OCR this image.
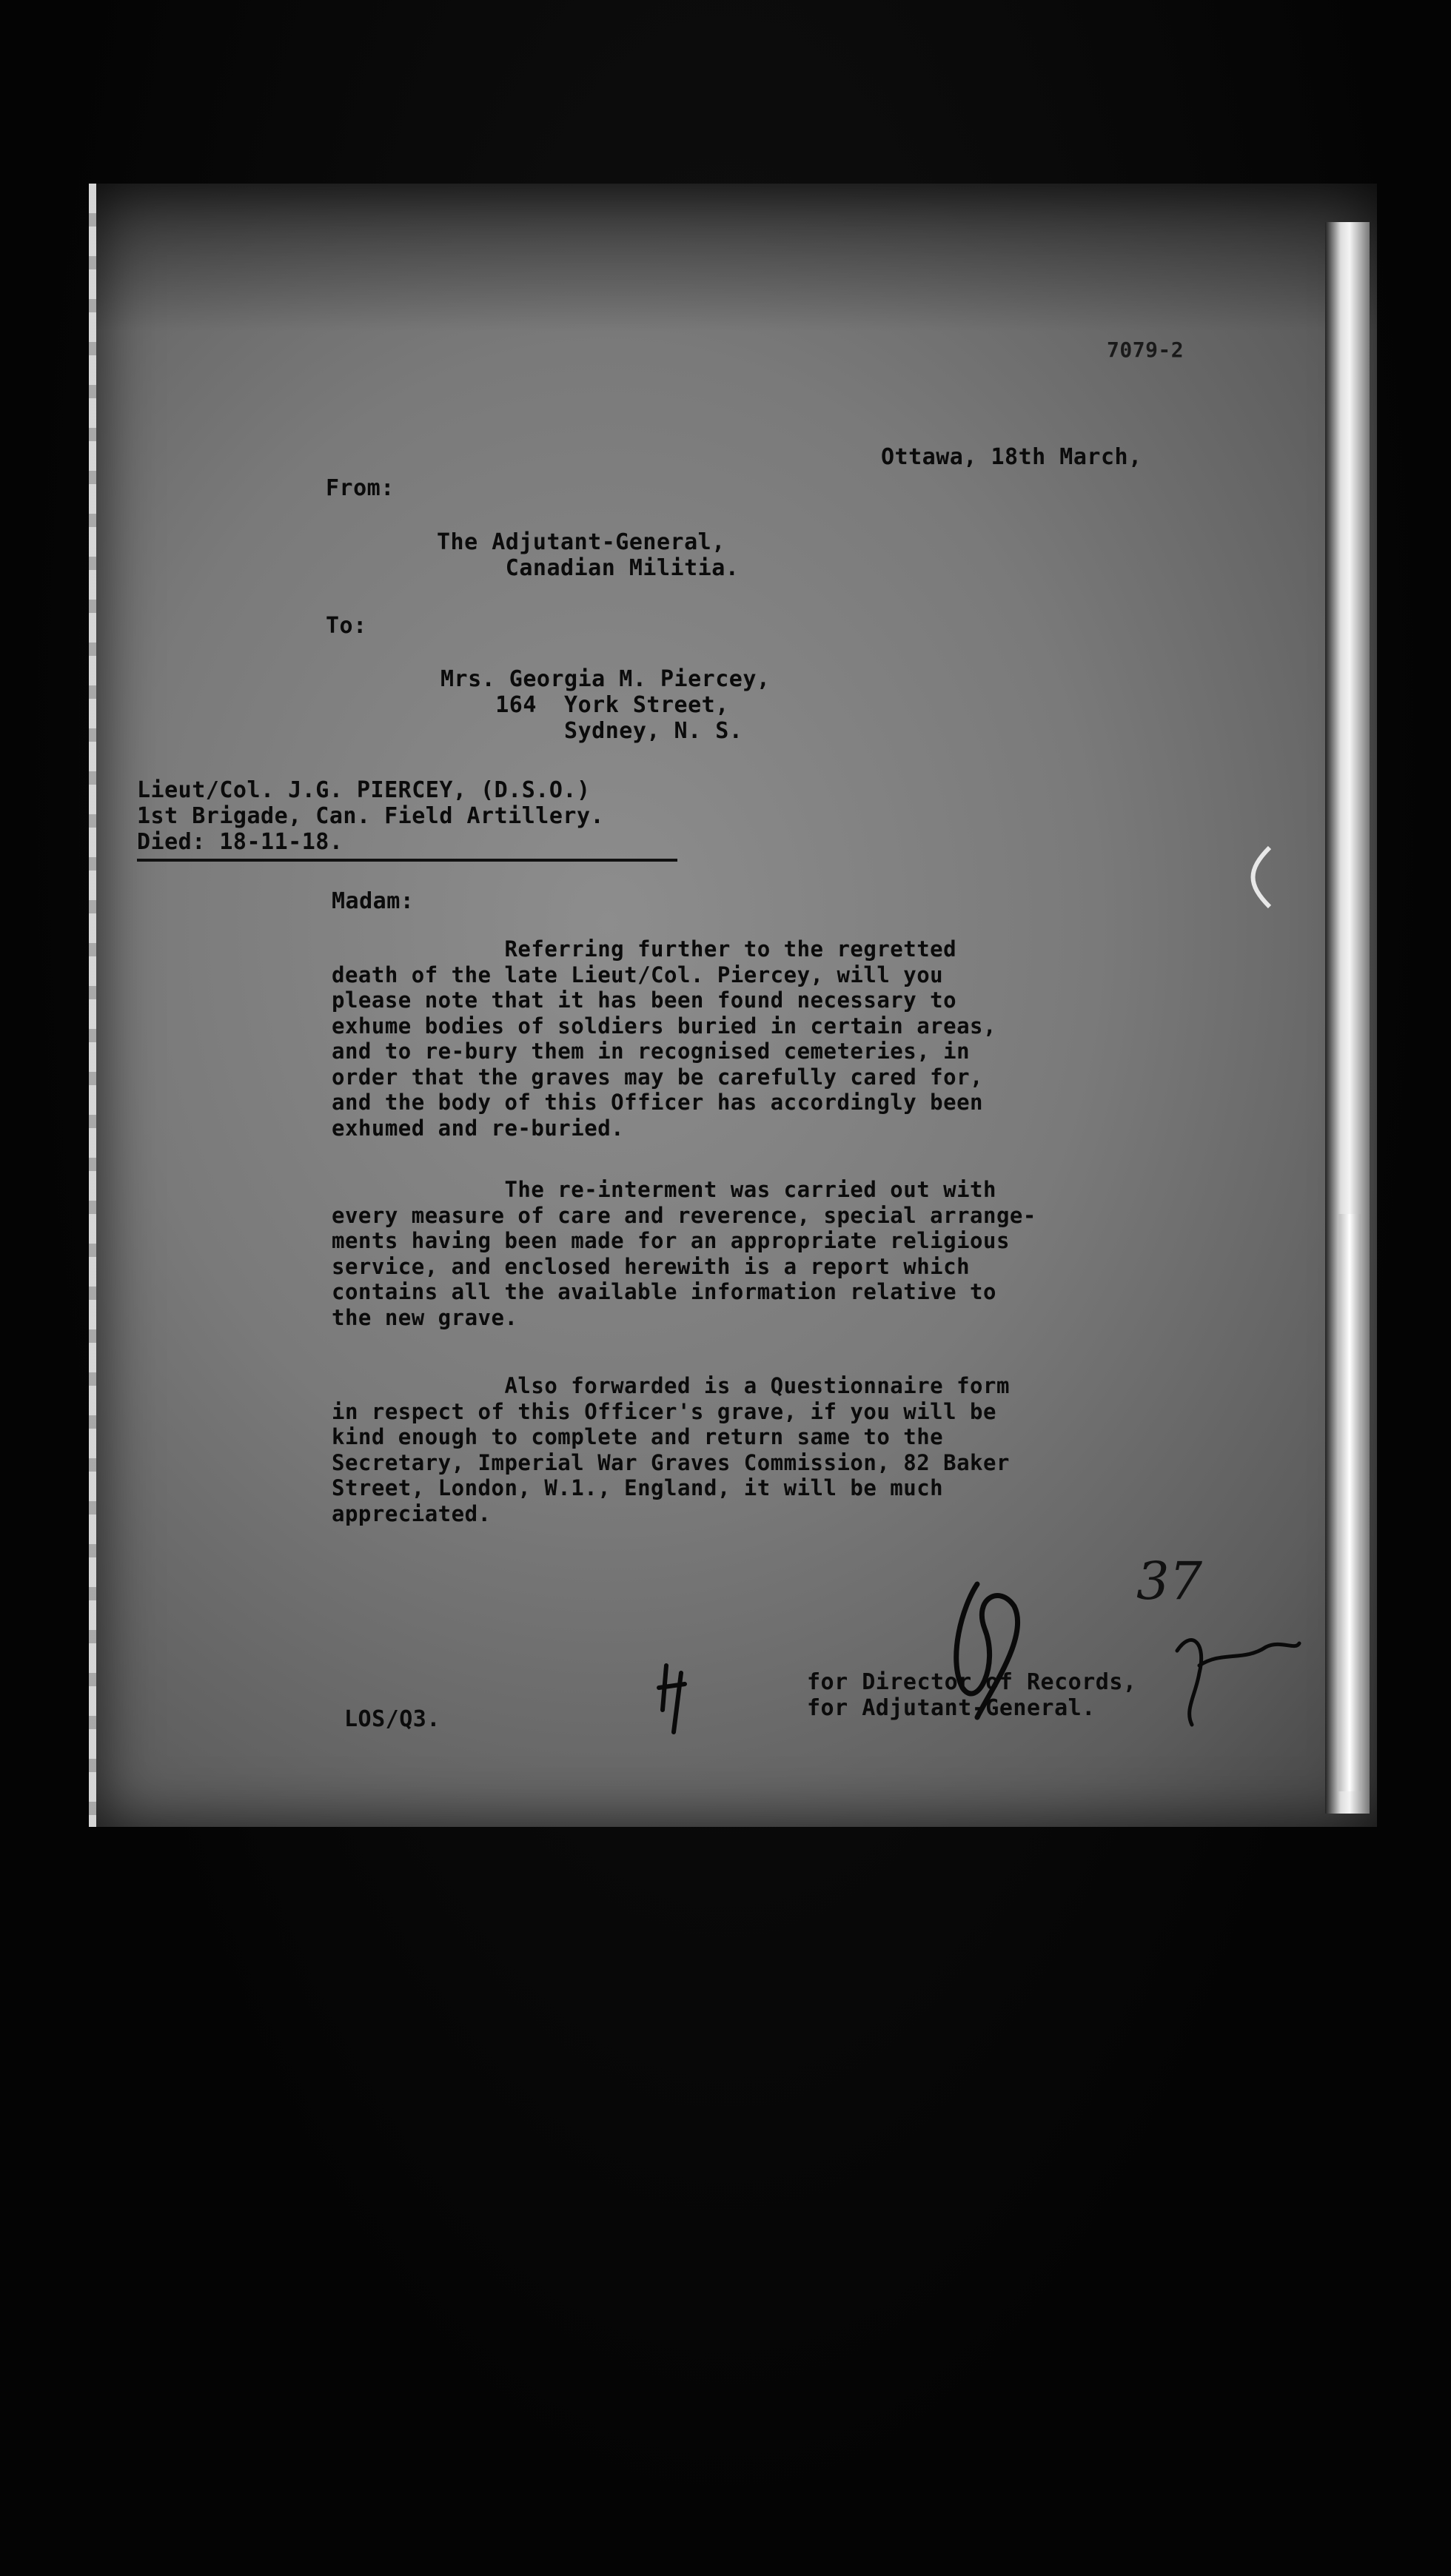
7079-2
Ottawa, 18th March,
From:
The Adjutant-General,
Canadian Militia.
To:
Mrs. Georgia M. Piercey,
164  York Street,
Sydney, N. S.
Lieut/Col. J.G. PIERCEY, (D.S.O.)
1st Brigade, Can. Field Artillery.
Died: 18-11-18.
Madam:
Referring further to the regretted
death of the late Lieut/Col. Piercey, will you
please note that it has been found necessary to
exhume bodies of soldiers buried in certain areas,
and to re-bury them in recognised cemeteries, in
order that the graves may be carefully cared for,
and the body of this Officer has accordingly been
exhumed and re-buried.
The re-interment was carried out with
every measure of care and reverence, special arrange-
ments having been made for an appropriate religious
service, and enclosed herewith is a report which
contains all the available information relative to
the new grave.
Also forwarded is a Questionnaire form
in respect of this Officer's grave, if you will be
kind enough to complete and return same to the
Secretary, Imperial War Graves Commission, 82 Baker
Street, London, W.1., England, it will be much
appreciated.
LOS/Q3.
for Director of Records,
for Adjutant-General.
37
